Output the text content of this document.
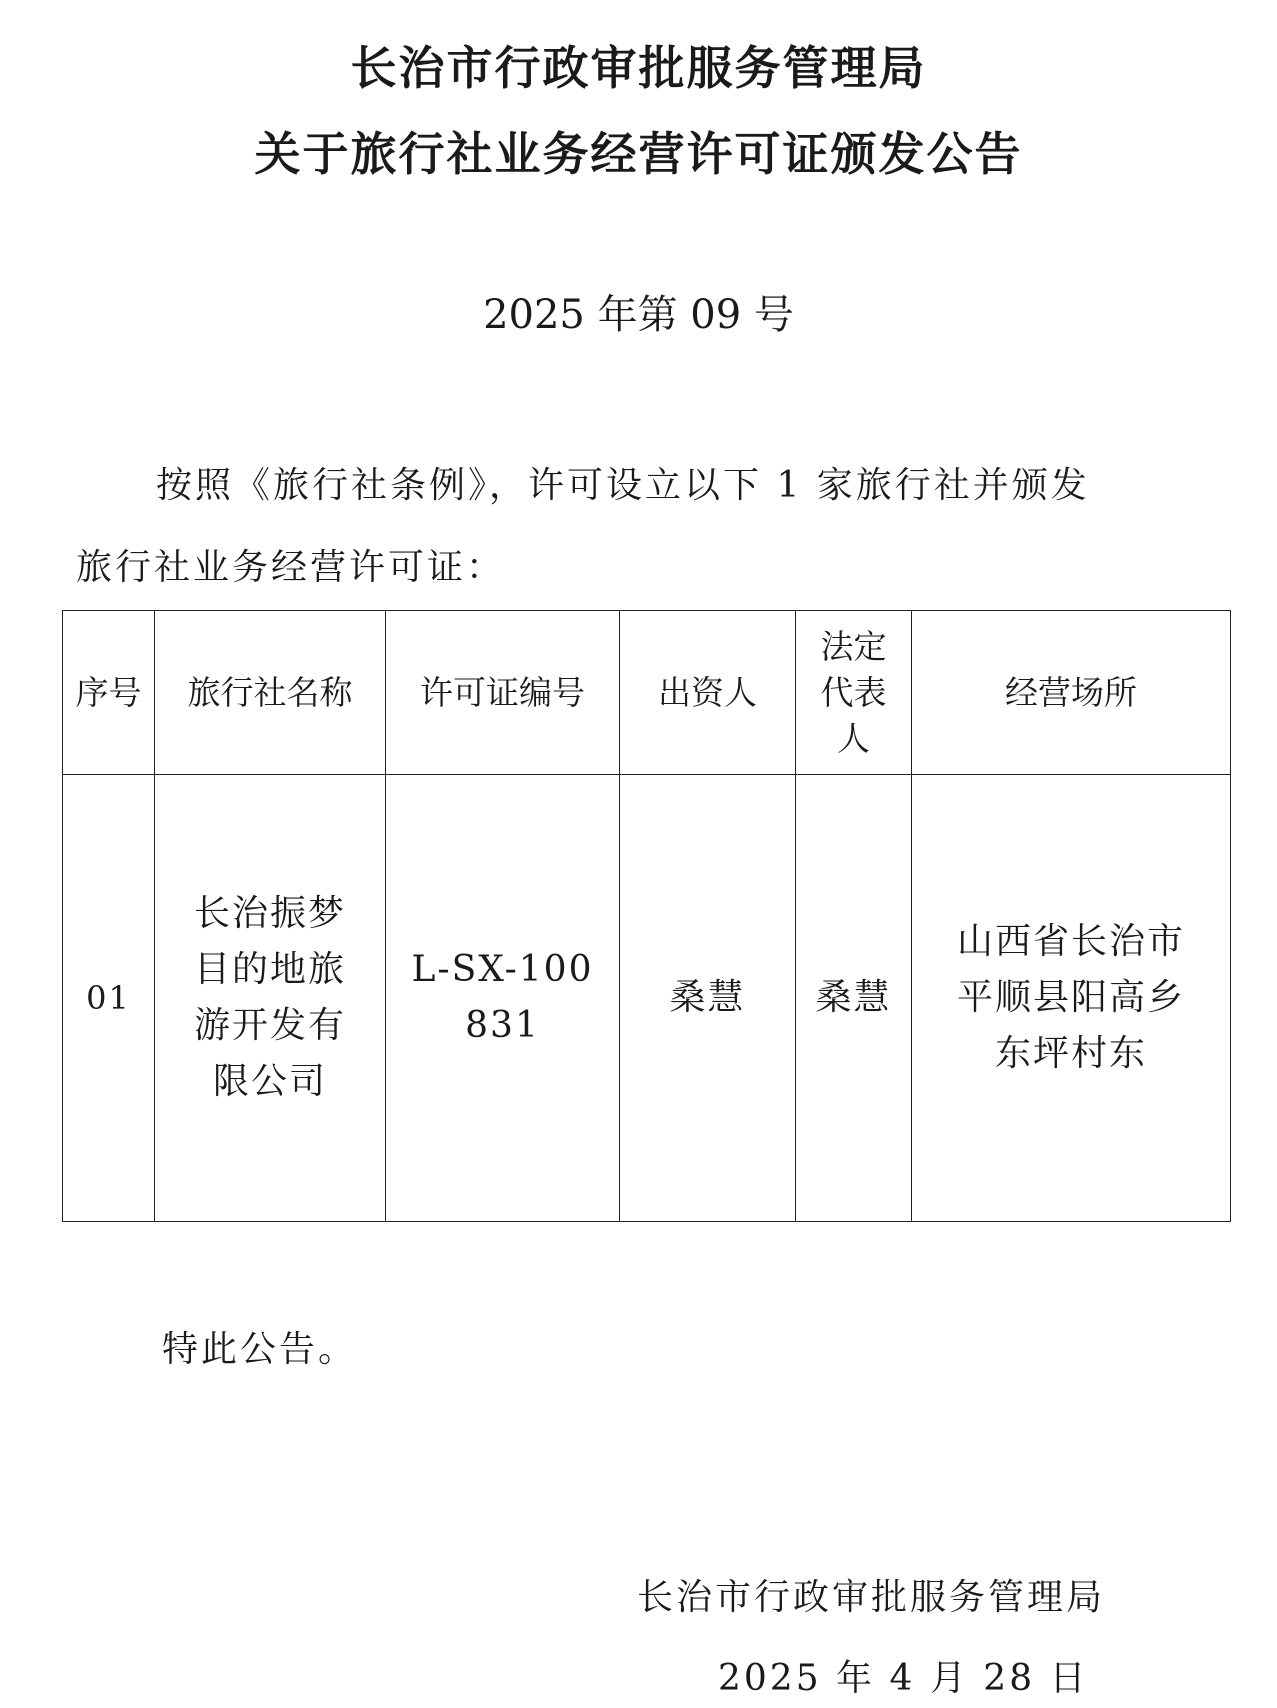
长治市行政审批服务管理局
关于旅行社业务经营许可证颁发公告
2025 年第 09 号
按照《旅行社条例》，许可设立以下 1 家旅行社并颁发
旅行社业务经营许可证：
序号	旅行社名称	许可证编号	出资人	法定代表人	经营场所
01	长治振梦目的地旅游开发有限公司	L-SX-100831	桑慧	桑慧	山西省长治市平顺县阳高乡东坪村东
特此公告。
长治市行政审批服务管理局
2025 年 4 月 28 日
